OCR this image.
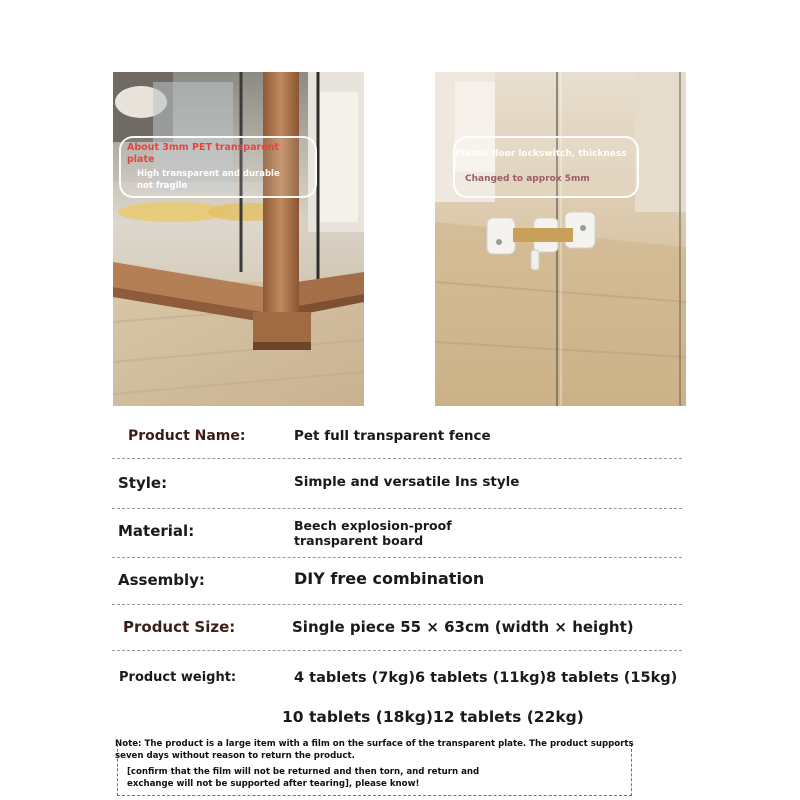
About 3mm PET transparent plate
High transparent and durable not fragile
Plastic door lockswitch, thickness
Changed to approx 5mm
Product Name:	Pet full transparent fence
Style:	Simple and versatile Ins style
Material:	Beech explosion-proof transparent board
Assembly:	DIY free combination
Product Size:	Single piece 55 × 63cm (width × height)
Product weight:	4 tablets (7kg)6 tablets (11kg)8 tablets (15kg)
10 tablets (18kg)12 tablets (22kg)
Note: The product is a large item with a film on the surface of the transparent plate. The product supports
seven days without reason to return the product.
[confirm that the film will not be returned and then torn, and return and
exchange will not be supported after tearing], please know!
